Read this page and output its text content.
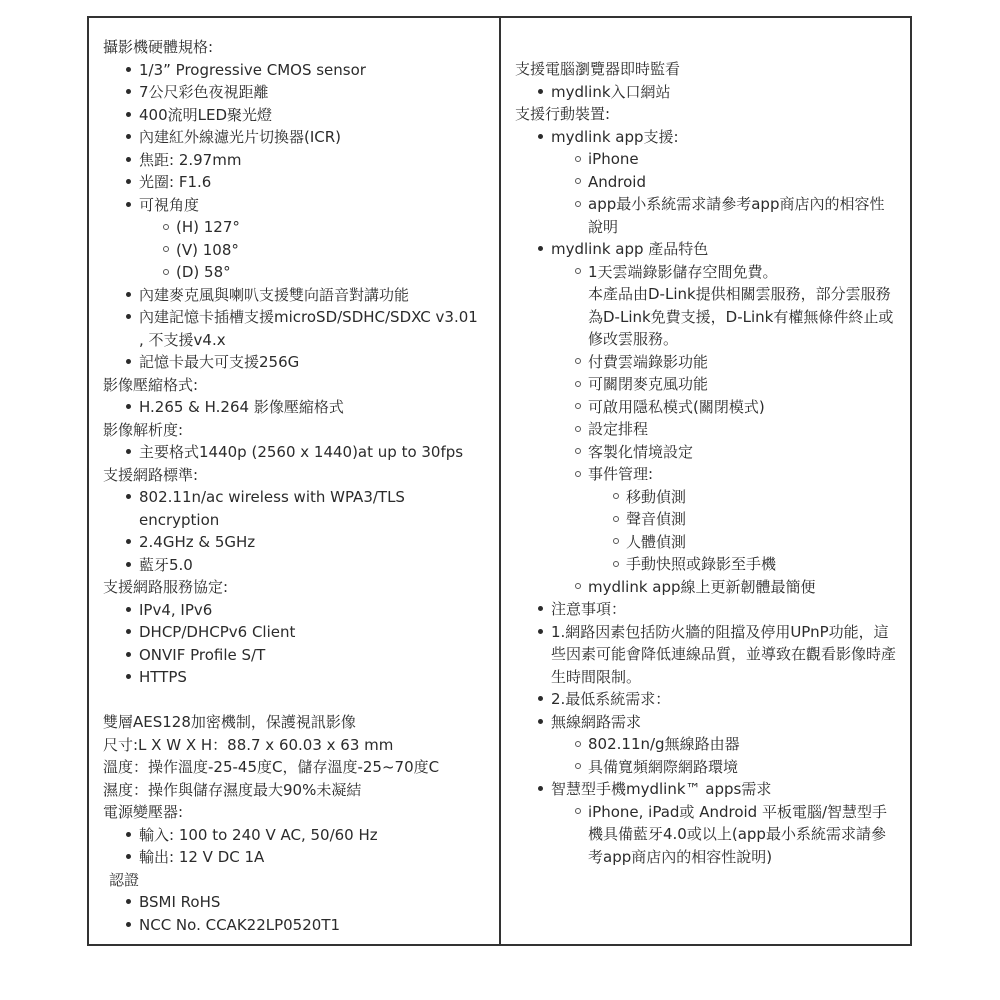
攝影機硬體規格:
1/3” Progressive CMOS sensor
7公尺彩色夜視距離
400流明LED聚光燈
內建紅外線濾光片切換器(ICR)
焦距: 2.97mm
光圈: F1.6
可視角度
(H) 127°
(V) 108°
(D) 58°
內建麥克風與喇叭支援雙向語音對講功能
內建記憶卡插槽支援microSD/SDHC/SDXC v3.01
, 不支援v4.x
記憶卡最大可支援256G
影像壓縮格式:
H.265 & H.264 影像壓縮格式
影像解析度:
主要格式1440p (2560 x 1440)at up to 30fps
支援網路標準:
802.11n/ac wireless with WPA3/TLS
encryption
2.4GHz & 5GHz
藍牙5.0
支援網路服務協定:
IPv4, IPv6
DHCP/DHCPv6 Client
ONVIF Profile S/T
HTTPS
雙層AES128加密機制，保護視訊影像
尺寸:L X W X H：88.7 x 60.03 x 63 mm
溫度：操作溫度-25-45度C，儲存溫度-25~70度C
濕度：操作與儲存濕度最大90%未凝結
電源變壓器:
輸入: 100 to 240 V AC, 50/60 Hz
輸出: 12 V DC 1A
認證
BSMI RoHS
NCC No. CCAK22LP0520T1
支援電腦瀏覽器即時監看
mydlink入口網站
支援行動裝置:
mydlink app支援:
iPhone
Android
app最小系統需求請參考app商店內的相容性
說明
mydlink app 產品特色
1天雲端錄影儲存空間免費。
本產品由D-Link提供相關雲服務，部分雲服務
為D-Link免費支援，D-Link有權無條件終止或
修改雲服務。
付費雲端錄影功能
可關閉麥克風功能
可啟用隱私模式(關閉模式)
設定排程
客製化情境設定
事件管理:
移動偵測
聲音偵測
人體偵測
手動快照或錄影至手機
mydlink app線上更新韌體最簡便
注意事項：
1.網路因素包括防火牆的阻擋及停用UPnP功能，這
些因素可能會降低連線品質，並導致在觀看影像時產
生時間限制。
2.最低系統需求：
無線網路需求
802.11n/g無線路由器
具備寬頻網際網路環境
智慧型手機mydlink™ apps需求
iPhone, iPad或 Android 平板電腦/智慧型手
機具備藍牙4.0或以上(app最小系統需求請參
考app商店內的相容性說明)
